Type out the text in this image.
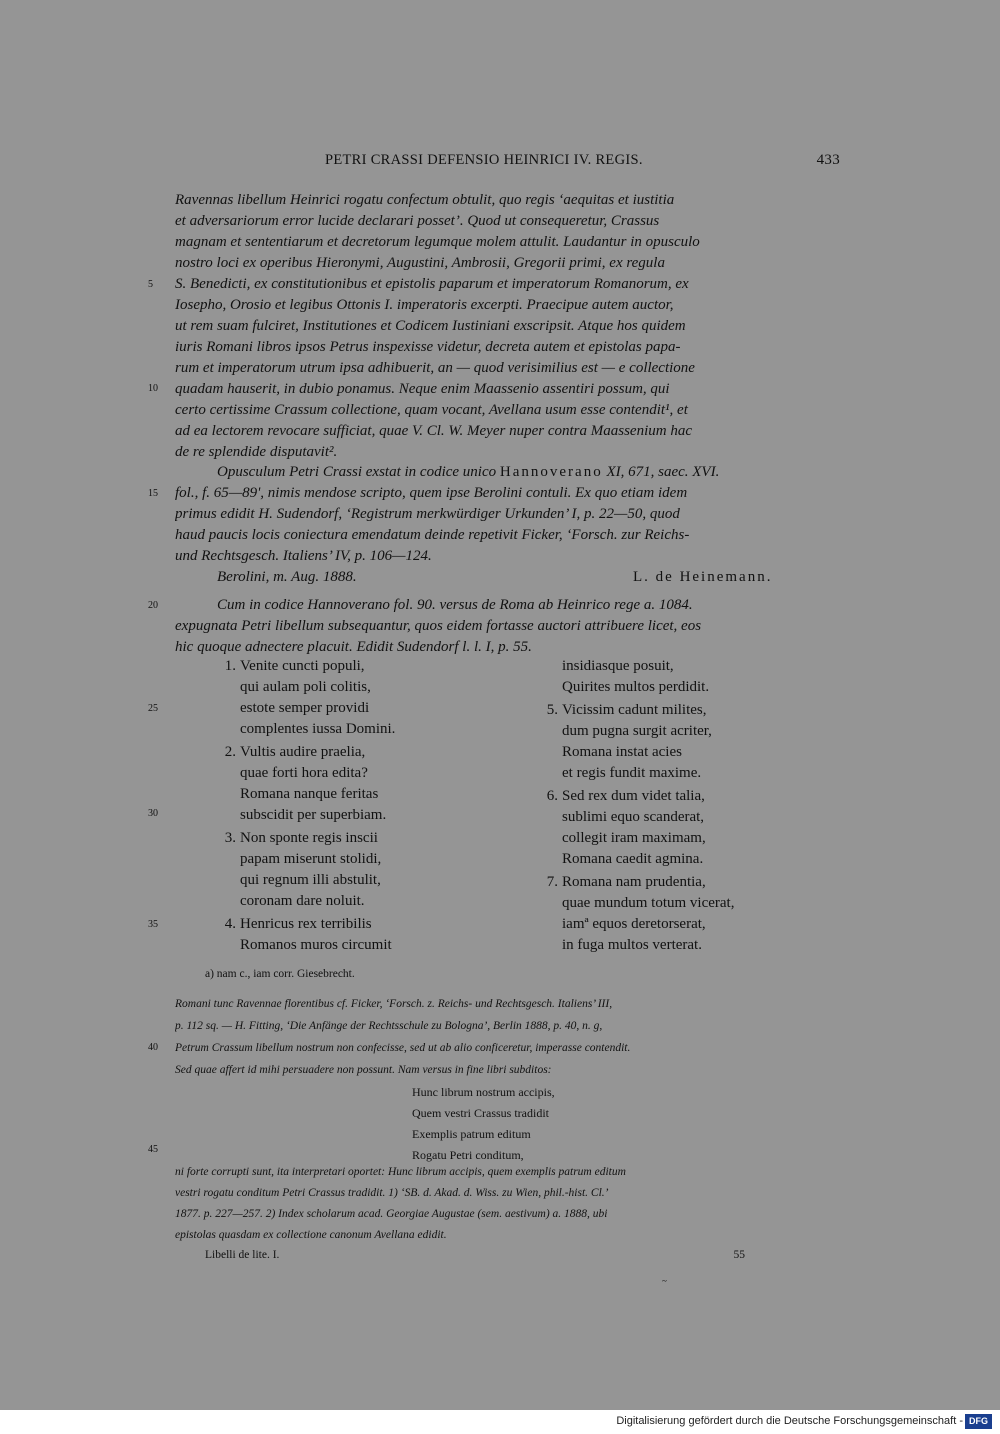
PETRI CRASSI DEFENSIO HEINRICI IV. REGIS.	433
5
10
15
20
25
30
35
40
45
Ravennas libellum Heinrici rogatu confectum obtulit, quo regis ‘aequitas et iustitia
et adversariorum error lucide declarari posset’. Quod ut consequeretur, Crassus
magnam et sententiarum et decretorum legumque molem attulit. Laudantur in opusculo
nostro loci ex operibus Hieronymi, Augustini, Ambrosii, Gregorii primi, ex regula
S. Benedicti, ex constitutionibus et epistolis paparum et imperatorum Romanorum, ex
Iosepho, Orosio et legibus Ottonis I. imperatoris excerpti. Praecipue autem auctor,
ut rem suam fulciret, Institutiones et Codicem Iustiniani exscripsit. Atque hos quidem
iuris Romani libros ipsos Petrus inspexisse videtur, decreta autem et epistolas papa-
rum et imperatorum utrum ipsa adhibuerit, an — quod verisimilius est — e collectione
quadam hauserit, in dubio ponamus. Neque enim Maassenio assentiri possum, qui
certo certissime Crassum collectione, quam vocant, Avellana usum esse contendit¹, et
ad ea lectorem revocare sufficiat, quae V. Cl. W. Meyer nuper contra Maassenium hac
de re splendide disputavit².
Opusculum Petri Crassi exstat in codice unico Hannoverano XI, 671, saec. XVI.
fol., f. 65—89', nimis mendose scripto, quem ipse Berolini contuli. Ex quo etiam idem
primus edidit H. Sudendorf, ‘Registrum merkwürdiger Urkunden’ I, p. 22—50, quod
haud paucis locis coniectura emendatum deinde repetivit Ficker, ‘Forsch. zur Reichs-
und Rechtsgesch. Italiens’ IV, p. 106—124.
Berolini, m. Aug. 1888.	L. de Heinemann.
Cum in codice Hannoverano fol. 90. versus de Roma ab Heinrico rege a. 1084.
expugnata Petri libellum subsequantur, quos eidem fortasse auctori attribuere licet, eos
hic quoque adnectere placuit. Edidit Sudendorf l. l. I, p. 55.
1. Venite cuncti populi,
qui aulam poli colitis,
estote semper providi
complentes iussa Domini.
2. Vultis audire praelia,
quae forti hora edita?
Romana nanque feritas
subscidit per superbiam.
3. Non sponte regis inscii
papam miserunt stolidi,
qui regnum illi abstulit,
coronam dare noluit.
4. Henricus rex terribilis
Romanos muros circumit
insidiasque posuit,
Quirites multos perdidit.
5. Vicissim cadunt milites,
dum pugna surgit acriter,
Romana instat acies
et regis fundit maxime.
6. Sed rex dum videt talia,
sublimi equo scanderat,
collegit iram maximam,
Romana caedit agmina.
7. Romana nam prudentia,
quae mundum totum vicerat,
iamª equos deretorserat,
in fuga multos verterat.
a) nam c., iam corr. Giesebrecht.
Romani tunc Ravennae florentibus cf. Ficker, ‘Forsch. z. Reichs- und Rechtsgesch. Italiens’ III,
p. 112 sq. — H. Fitting, ‘Die Anfänge der Rechtsschule zu Bologna’, Berlin 1888, p. 40, n. g,
Petrum Crassum libellum nostrum non confecisse, sed ut ab alio conficeretur, imperasse contendit.
Sed quae affert id mihi persuadere non possunt. Nam versus in fine libri subditos:
Hunc librum nostrum accipis,
Quem vestri Crassus tradidit
Exemplis patrum editum
Rogatu Petri conditum,
ni forte corrupti sunt, ita interpretari oportet: Hunc librum accipis, quem exemplis patrum editum
vestri rogatu conditum Petri Crassus tradidit. 1) ‘SB. d. Akad. d. Wiss. zu Wien, phil.-hist. Cl.’
1877. p. 227—257. 2) Index scholarum acad. Georgiae Augustae (sem. aestivum) a. 1888, ubi
epistolas quasdam ex collectione canonum Avellana edidit.
Libelli de lite. I.	55
~
Digitalisierung gefördert durch die Deutsche Forschungsgemeinschaft - DFG
